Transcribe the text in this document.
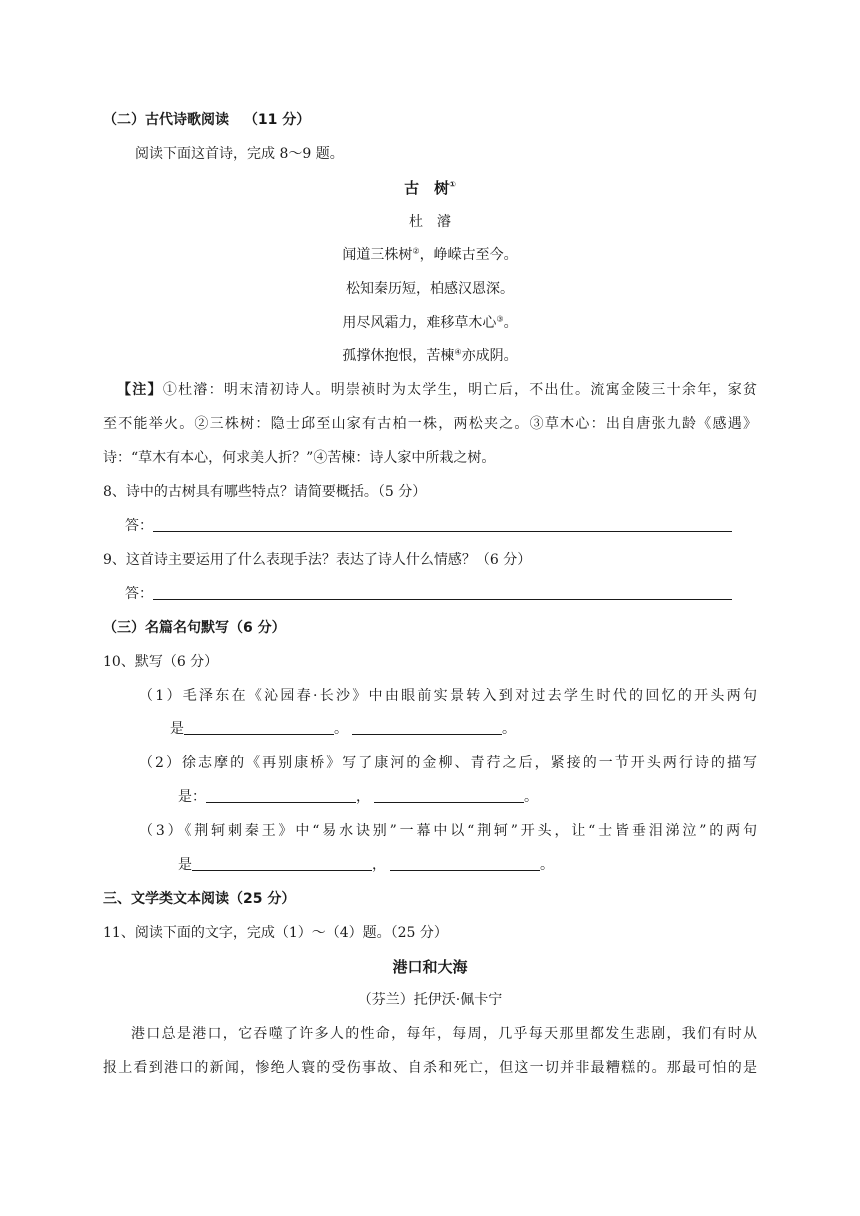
（二）古代诗歌阅读 （11 分）
阅读下面这首诗，完成 8～9 题。
古　树①
杜　濬
闻道三株树②，峥嵘古至今。
松知秦历短，柏感汉恩深。
用尽风霜力，难移草木心③。
孤撑休抱恨，苦楝④亦成阴。
【注】①杜濬：明末清初诗人。明崇祯时为太学生，明亡后，不出仕。流寓金陵三十余年，家贫
至不能举火。②三株树：隐士邱至山家有古柏一株，两松夹之。③草木心：出自唐张九龄《感遇》
诗：“草木有本心，何求美人折？”④苦楝：诗人家中所栽之树。
8、诗中的古树具有哪些特点？请简要概括。（5 分）
答：
9、这首诗主要运用了什么表现手法？表达了诗人什么情感？（6 分）
答：
（三）名篇名句默写（6 分）
10、默写（6 分）
（1）毛泽东在《沁园春·长沙》中由眼前实景转入到对过去学生时代的回忆的开头两句
是	。	。
（2）徐志摩的《再别康桥》写了康河的金柳、青荇之后，紧接的一节开头两行诗的描写
是：	，	。
（3）《荆轲刺秦王》中“易水诀别”一幕中以“荆轲”开头，让“士皆垂泪涕泣”的两句
是	，	。
三、文学类文本阅读（25 分）
11、阅读下面的文字，完成（1）～（4）题。（25 分）
港口和大海
（芬兰）托伊沃·佩卡宁
港口总是港口，它吞噬了许多人的性命，每年，每周，几乎每天那里都发生悲剧，我们有时从
报上看到港口的新闻，惨绝人寰的受伤事故、自杀和死亡，但这一切并非最糟糕的。那最可怕的是
